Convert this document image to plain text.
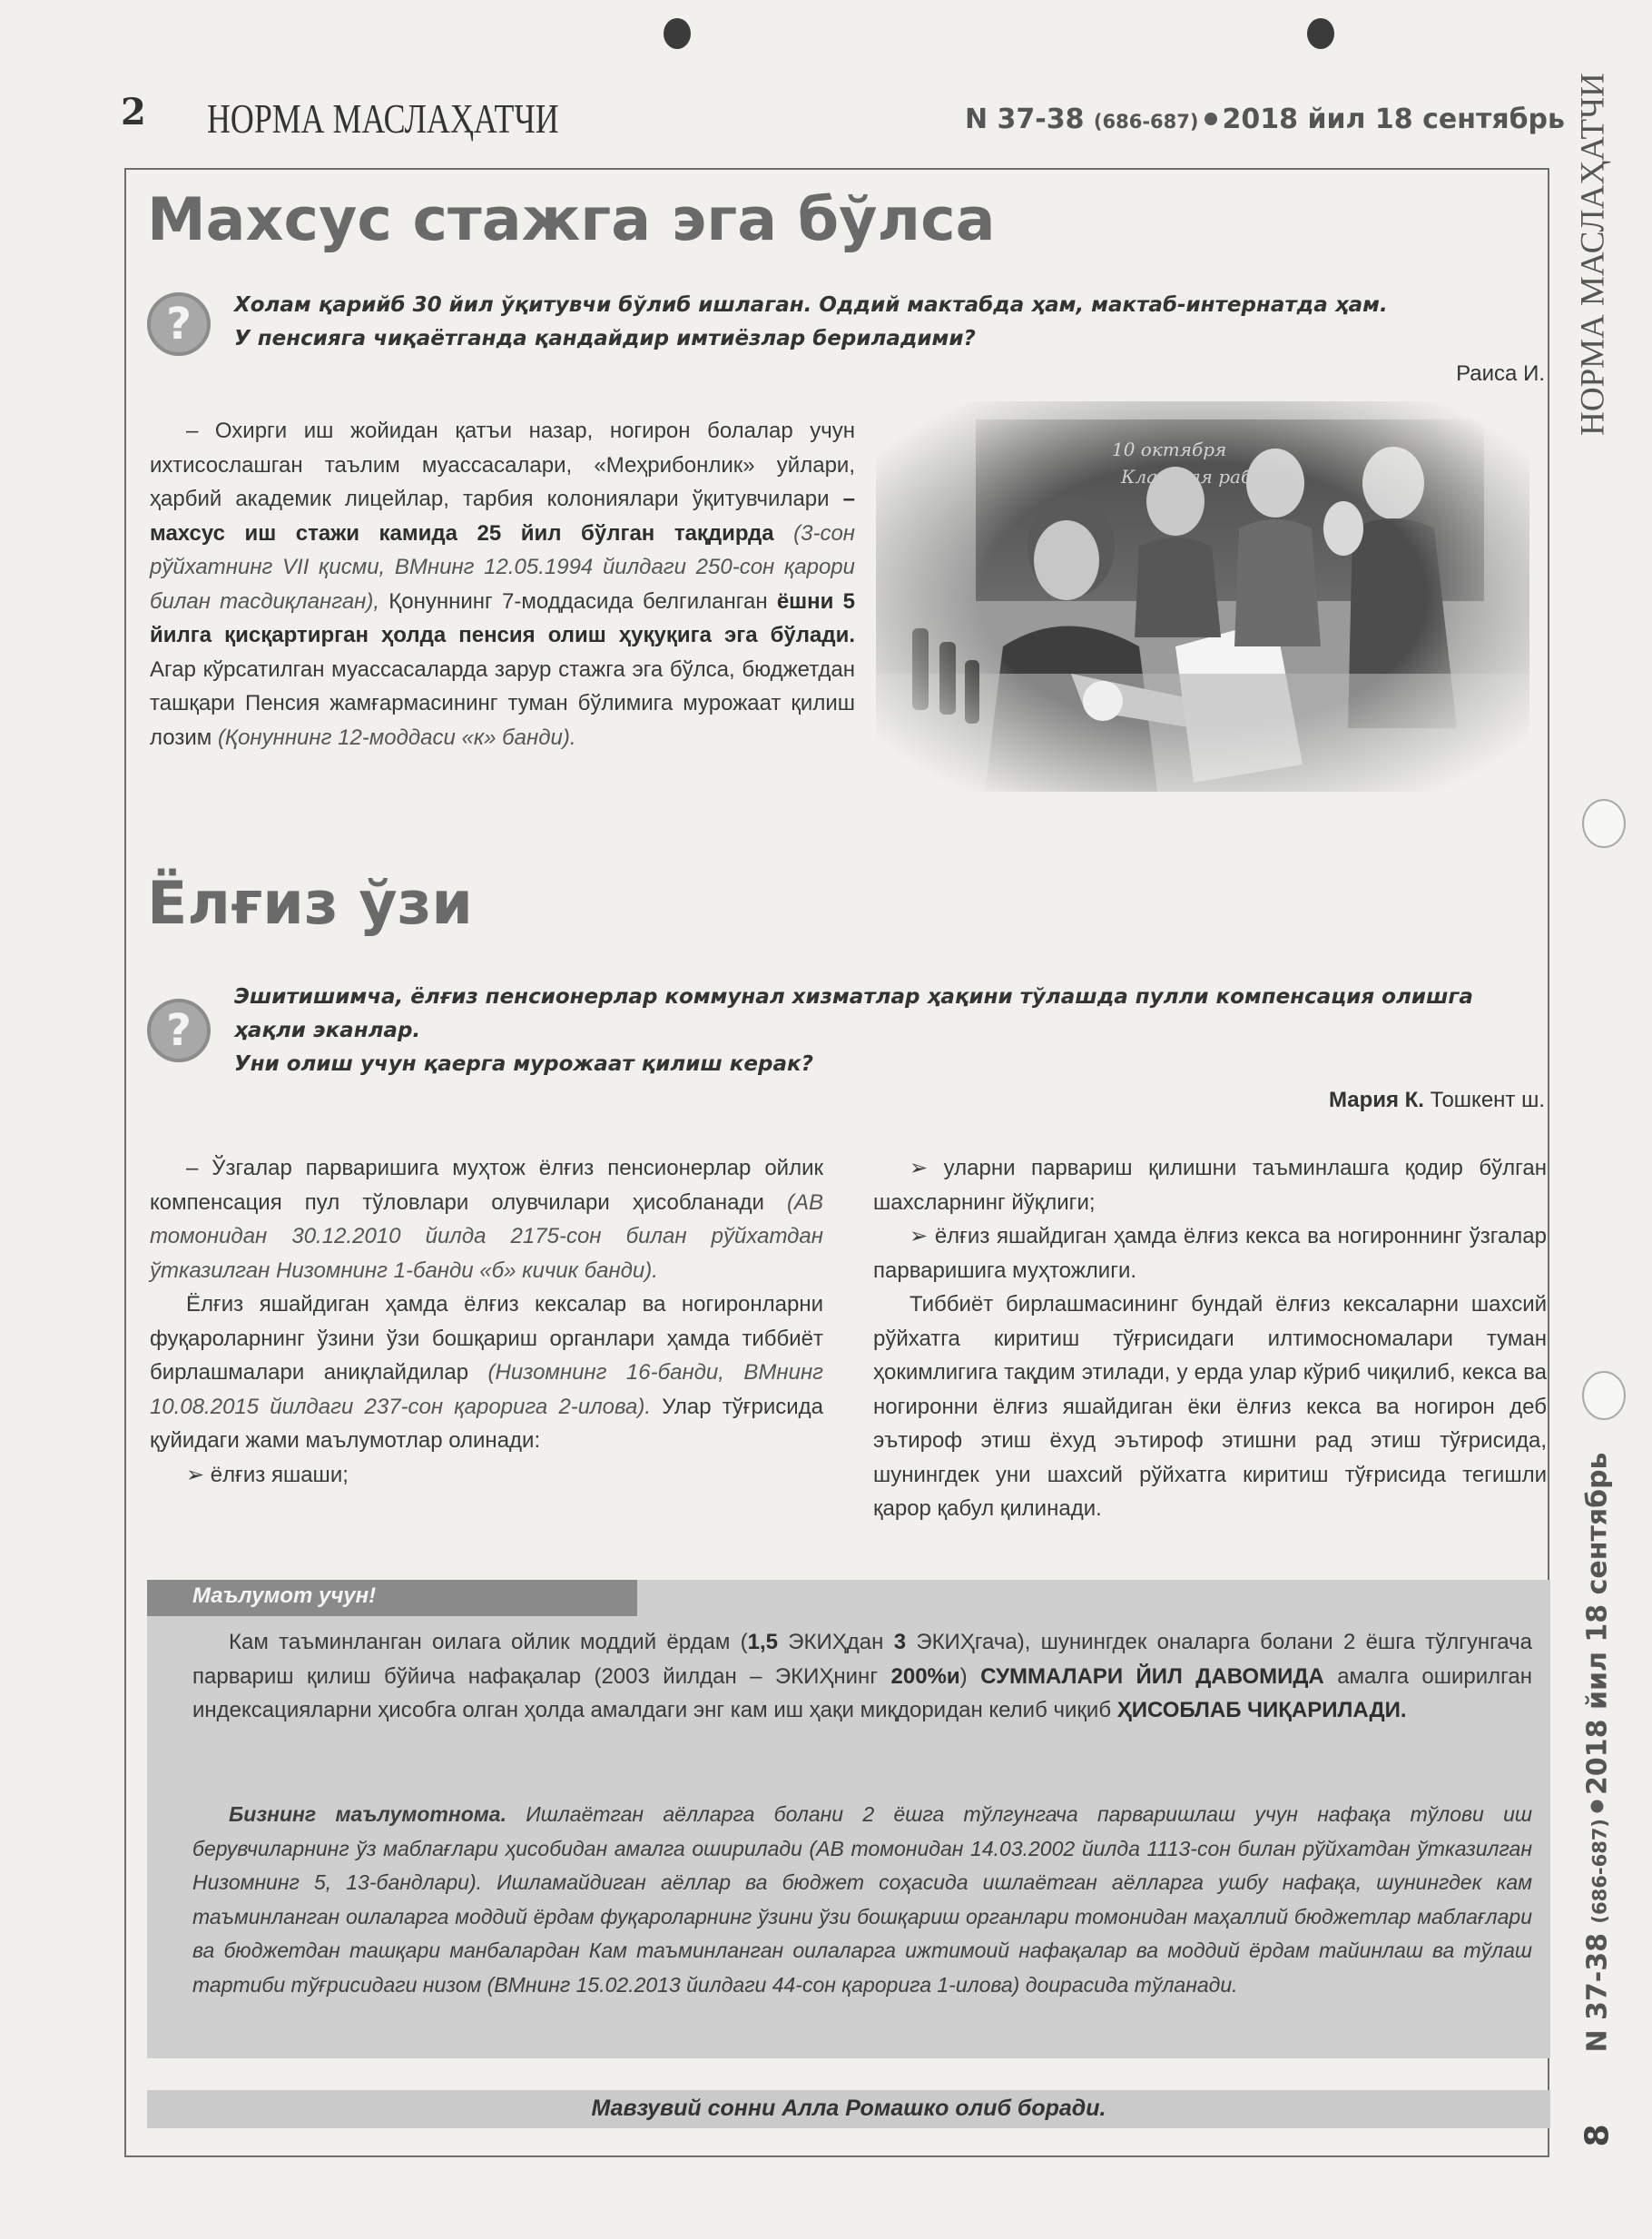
2 НОРМА МАСЛАҲАТЧИ	N 37-38 (686-687) 2018 йил 18 сентябрь НОРМА МАСЛАҲАТЧИ
N 37-38 (686-687)2018 йил 18 сентябрь
8
Махсус стажга эга бўлса
?	Холам қарийб 30 йил ўқитувчи бўлиб ишлаган. Оддий мактабда ҳам, мактаб-интернатда ҳам.

У пенсияга чиқаётганда қандайдир имтиёзлар бериладими?

Раиса И.

– Охирги иш жойидан қатъи назар, ногирон болалар учун ихтисослашган таълим муассасалари, «Меҳрибонлик» уйлари, ҳарбий академик лицейлар, тарбия колониялари ўқитувчилари – махсус иш стажи камида 25 йил бўлган тақдирда (3-сон рўйхатнинг VII қисми, ВМнинг 12.05.1994 йилдаги 250-сон қарори билан тасдиқланган), Қонуннинг 7-моддасида белгиланган ёшни 5 йилга қисқартирган ҳолда пенсия олиш ҳуқуқига эга бўлади. Агар кўрсатилган муассасаларда зарур стажга эга бўлса, бюджетдан ташқари Пенсия жамғармасининг туман бўлимига мурожаат қилиш лозим (Қонуннинг 12-моддаси «к» банди).

Ёлғиз ўзи
?

Эшитишимча, ёлғиз пенсионерлар коммунал хизматлар ҳақини тўлашда пулли компенсация олишга ҳақли эканлар.

Уни олиш учун қаерга мурожаат қилиш керак?

Мария К. Тошкент ш.

– Ўзгалар парваришига муҳтож ёлғиз пенсионерлар ойлик компенсация пул тўловлари олувчилари ҳисобланади (АВ томонидан 30.12.2010 йилда 2175-сон билан рўйхатдан ўтказилган Низомнинг 1-банди «б» кичик банди).

Ёлғиз яшайдиган ҳамда ёлғиз кексалар ва ногиронларни фуқароларнинг ўзини ўзи бошқариш органлари ҳамда тиббиёт бирлашмалари аниқлайдилар (Низомнинг 16-банди, ВМнинг 10.08.2015 йилдаги 237-сон қарорига 2-илова). Улар тўғрисида қуйидаги жами маълумотлар олинади:

➢ ёлғиз яшаши;

➢ уларни парвариш қилишни таъминлашга қодир бўлган шахсларнинг йўқлиги;

➢ ёлғиз яшайдиган ҳамда ёлғиз кекса ва ногироннинг ўзгалар парваришига муҳтожлиги.

Тиббиёт бирлашмасининг бундай ёлғиз кексаларни шахсий рўйхатга киритиш тўғрисидаги илтимосномалари туман ҳокимлигига тақдим этилади, у ерда улар кўриб чиқилиб, кекса ва ногиронни ёлғиз яшайдиган ёки ёлғиз кекса ва ногирон деб эътироф этиш ёхуд эътироф этишни рад этиш тўғрисида, шунингдек уни шахсий рўйхатга киритиш тўғрисида тегишли қарор қабул қилинади.

Маълумот учун!

Кам таъминланган оилага ойлик моддий ёрдам (1,5 ЭКИҲдан 3 ЭКИҲгача), шунингдек оналарга болани 2 ёшга тўлгунгача парвариш қилиш бўйича нафақалар (2003 йилдан – ЭКИҲнинг 200%и) СУММАЛАРИ ЙИЛ ДАВОМИДА амалга оширилган индексацияларни ҳисобга олган ҳолда амалдаги энг кам иш ҳақи миқдоридан келиб чиқиб ҲИСОБЛАБ ЧИҚАРИЛАДИ.

Бизнинг маълумотнома. Ишлаётган аёлларга болани 2 ёшга тўлгунгача парваришлаш учун нафақа тўлови иш берувчиларнинг ўз маблағлари ҳисобидан амалга оширилади (АВ томонидан 14.03.2002 йилда 1113-сон билан рўйхатдан ўтказилган Низомнинг 5, 13-бандлари). Ишламайдиган аёллар ва бюджет соҳасида ишлаётган аёлларга ушбу нафақа, шунингдек кам таъминланган оилаларга моддий ёрдам фуқароларнинг ўзини ўзи бошқариш органлари томонидан маҳаллий бюджетлар маблағлари ва бюджетдан ташқари манбалардан Кам таъминланган оилаларга ижтимоий нафақалар ва моддий ёрдам тайинлаш ва тўлаш тартиби тўғрисидаги низом (ВМнинг 15.02.2013 йилдаги 44-сон қарорига 1-илова) доирасида тўланади.

Мавзувий сонни Алла Ромашко олиб боради.
